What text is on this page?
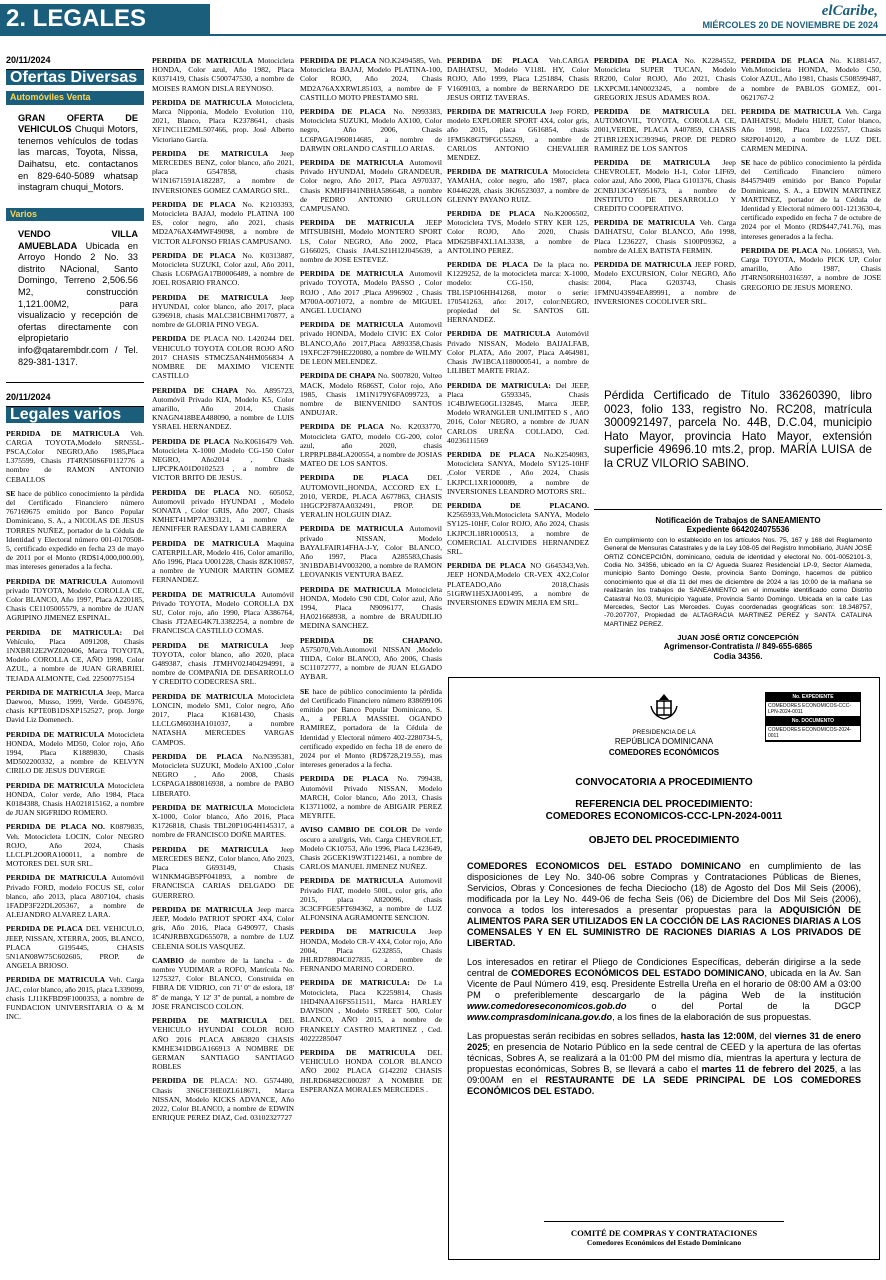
2. LEGALES	elCaribe,
MIÉRCOLES 20 DE NOVIEMBRE DE 2024
20/11/2024
Ofertas Diversas
Automóviles Venta
GRAN OFERTA DE VEHICULOS Chuqui Motors, tenemos vehículos de todas las marcas, Toyota, Nissa, Daihatsu, etc. contactanos en 829-640-5089 whatsap instagram chuqui_Motors.
Varios
VENDO VILLA AMUEBLADA Ubicada en Arroyo Hondo 2 No. 33 distrito NAcional, Santo Domingo, Terreno 2,506.56 M2, construcción 1,121.00M2, para visualizacio y recepción de ofertas directamente con elpropietario info@qatarembdr.com / Tel. 829-381-1317.
20/11/2024
Legales varios

PERDIDA DE MATRICULA Veh. CARGA TOYOTA,Modelo SRN55L-PSCA,Color NEGRO,Año 1985,Placa L375599, Chasis JT4RN50S6F0112776 a nombre de RAMON ANTONIO CEBALLOS

SE hace de público conocimiento la pérdida del Certificado Financiero número 767169675 emitido por Banco Popular Dominicano, S. A., a NICOLAS DE JESUS TORRES NUÑEZ, portador de la Cédula de Identidad y Electoral número 001-0170508-5, certificado expedido en fecha 23 de mayo de 2011 por el Monto (RD$14,000,000.00), mas intereses generados a la fecha.

PERDIDA DE MATRICULA Automovil privado TOYOTA, Modelo COROLLA CE, Color BLANCO, Año 1997, Placa A220185, Chasis CE1105005579, a nombre de JUAN AGRIPINO JIMENEZ ESPINAL.

PERDIDA DE MATRICULA: Del Vehículo, Placa A091208, Chasis 1NXBR12E2WZ020406, Marca TOYOTA, Modelo COROLLA CE, AÑO 1998, Color AZUL, a nombre de JUAN GRABRIEL TEJADA ALMONTE, Ced. 22500775154

PERDIDA DE MATRICULA Jeep, Marca Daewoo, Musso, 1999, Verde. G045976, chasis KPTE0B1DSXP152527, prop. Jorge David Liz Domenech.

PERDIDA DE MATRICULA Motocicleta HONDA, Modelo MD50, Color rojo, Año 1994, Placa K1889830, Chasis MD502200332, a nombre de KELVYN CIRILO DE JESUS DUVERGE

PERDIDA DE MATRICULA Motocicleta HONDA, Color verde, Año 1984, Placa K0184388, Chasis HA021815162, a nombre de JUAN SIGFRIDO ROMERO.

PERDIDA DE PLACA NO. K0879835, Veh. Motocicleta LOCIN, Color NEGRO ROJO, Año 2024, Chasis LLCLPL2O0RA100011, a nombre de MOTORES DEL SUR SRL.

PERDIDA DE MATRICULA Automóvil Privado FORD, modelo FOCUS SE, color blanco, año 2013, placa A807104, chasis 1FADP3F22DL205367, a nombre de ALEJANDRO ALVAREZ LARA.

PERDIDA DE PLACA DEL VEHICULO, JEEP, NISSAN, XTERRA, 2005, BLANCO, PLACA G195445, CHASIS 5N1AN08W75C602605, PROP. de ANGELA BRIOSO.

PERDIDA DE MATRICULA Veh. Carga JAC, color blanco, año 2015, placa L339099, chasis LJ11KFBD9F1000353, a nombre de FUNDACION UNIVERSITARIA O & M INC.

PERDIDA DE MATRICULA Motocicleta HONDA, Color azul, Año 1982, Placa K0371419, Chasis C500747530, a nombre de MOISES RAMON DISLA REYNOSO.

PERDIDA DE MATRICULA Motocicleta, Marca Nipponia, Modelo Evolution 110, 2021, Blanco, Placa K2378641, chasis XF1NC11E2ML507466, prop. José Alberto Victoriano García.

PERDIDA DE MATRICULA Jeep MERCEDES BENZ, color blanco, año 2021, placa G547858, chasis W1N1671591A182287, a nombre de INVERSIONES GOMEZ CAMARGO SRL.

PERDIDA DE PLACA No. K2103393, Motocicleta BAJAJ, modelo PLATINA 100 ES, color negro, año 2021, chasis MD2A76AX4MWF49098, a nombre de VICTOR ALFONSO FRIAS CAMPUSANO.

PERDIDA DE PLACA No. K0313887, Motocicleta SUZUKI, Color azul, Año 2011, Chasis LC6PAGA17B0006489, a nombre de JOEL ROSARIO FRANCO.

PERDIDA DE MATRICULA Jeep HYUNDAI, color blanco, año 2017, placa G396918, chasis MALC381CBHM170877, a nombre de GLORIA PINO VEGA.

PERDIDA DE PLACA NO. L420244 DEL VEHICULO TOYOTA COLOR ROJO AÑO 2017 CHASIS STMCZ5AN4HM056834 A NOMBRE DE MAXIMO VICENTE CASTILLO

PERDIDA DE CHAPA No. A895723, Automóvil Privado KIA, Modelo K5, Color amarillo, Año 2014, Chasis KNAGN418BEA488090, a nombre de LUIS YSRAEL HERNANDEZ.

PERDIDA DE PLACA No.K0616479 Veh. Motocicleta X-1000 ,Modelo CG-150 Color NEGRO, Año2014 , Chasis LJPCPKA01D0102523 , a nombre de VICTOR BRITO DE JESUS.

PERDIDA DE PLACA NO. 605052, Automovil privado HYUNDAI , Modelo SONATA , Color GRIS, Año 2007, Chasis KMHET41MP7A393121, a nombre de JENNIFFER RAESDAY LAMI CABRERA

PERDIDA DE MATRICULA Maquina CATERPILLAR, Modelo 416, Color amarillo, Año 1996, Placa U001228, Chasis 8ZK10857, a nombre de YUNIOR MARTIN GOMEZ FERNANDEZ.

PERDIDA DE MATRICULA Automóvil Privado TOYOTA, Modelo COROLLA DX SU, Color rojo, año 1990, Placa A386764, Chasis JT2AEG4K7L3382254, a nombre de FRANCISCA CASTILLO COMAS.

PERDIDA DE MATRICULA Jeep TOYOTA, color blanco, año 2020, placa G489387, chasis JTMHV02J404294991, a nombre de COMPAÑIA DE DESARROLLO Y CREDITO CODECRESA SRL.

PERDIDA DE MATRICULA Motocicleta LONCIN, modelo SM1, Color negro, Año 2017, Placa K1681430, Chasis LLCLGM603HA101037, a nombre NATASHA MERCEDES VARGAS CAMPOS.

PERDIDA DE PLACA No.N395381, Motocicleta SUZUKI, Modelo AX100 ,Color NEGRO , Año 2008, Chasis LC6PAGA1880816938, a nombre de PABO LIBERATO.

PERDIDA DE MATRICULA Motocicleta X-1000, Color blanco, Año 2016, Placa K1726818, Chasis TBL20P10G4H145317, a nombre de FRANCISCO DOÑE MARTES.

PERDIDA DE MATRICULA Jeep MERCEDES BENZ, Color blanco, Año 2023, Placa G693149, Chasis W1NKM4GB5PF041893, a nombre de FRANCISCA CARIAS DELGADO DE GUERRERO.

PERDIDA DE MATRICULA Jeep marca JEEP, Modelo PATRIOT SPORT 4X4, Color gris, Año 2016, Placa G490977, Chasis 1C4NJRBBXGD655078, a nombre de LUZ CELENIA SOLIS VASQUEZ.

CAMBIO de nombre de la lancha - de nombre YUDIMAR a ROFO, Matrícula No. 1275327, Color BLANCO, Construida en FIBRA DE VIDRIO, con 71' 0'' de eslora, 18' 8'' de manga, Y 12' 3'' de puntal, a nombre de JOSE FRANCISCO COLON.

PERDIDA DE MATRICULA DEL VEHICULO HYUNDAI COLOR ROJO AÑO 2016 PLACA A863820 CHASIS KMHE341DBGA166913 A NOMBRE DE GERMAN SANTIAGO SANTIAGO ROBLES

PERDIDA DE PLACA: NO. G574480, Chasis 3N6CF3HE0ZL618671, Marca NISSAN, Modelo KICKS ADVANCE, Año 2022, Color BLANCO, a nombre de EDWIN ENRIQUE PEREZ DIAZ, Ced. 03102327727

PERDIDA DE PLACA NO.K2494585, Veh. Motocicleta BAJAJ, Modelo PLATINA-100, Color ROJO, Año 2024, Chasis MD2A76AXXRWL85103, a nombre de F CASTILLO MOTO PRESTAMO SRL

PERDIDA DE PLACA No. N993383, Motocicleta SUZUKI, Modelo AX100, Color negro, Año 2006, Chasis LC6PAGA1960814685, a nombre de DARWIN ORLANDO CASTILLO ARIAS.

PERDIDA DE MATRICULA Automovil Privado HYUNDAI, Modelo GRANDEUR, Color negro, Año 2017, Placa A970337, Chasis KMHFH41NBHA586648, a nombre de PEDRO ANTONIO GRULLON CAMPUSANO.

PERDIDA DE MATRICULA JEEP MITSUBISHI, Modelo MONTERO SPORT LS, Color NEGRO, Año 2002, Placa G166025, Chasis JA4LS21H12J045639, a nombre de JOSE ESTEVEZ.

PERDIDA DE MATRICULA Automovil privado TOYOTA, Modelo PASSO , Color ROJO , Año 2017 ,Placa A996902 , Chasis M700A-0071072, a nombre de MIGUEL ANGEL LUCIANO

PERDIDA DE MATRICULA Automovil privado HONDA, Modelo CIVIC EX Color BLANCO,Año 2017,Placa A893358,Chasis 19XFC2F79HE220080, a nombre de WILMY DE LEON MELENDEZ.

PERDIDA DE CHAPA No. S007820, Volteo MACK, Modelo R686ST, Color rojo, Año 1985, Chasis 1M1N179Y6FA099723, a nombre de BIENVENIDO SANTOS ANDUJAR.

PERDIDA DE PLACA No. K2033770, Motocicleta GATO, modelo CG-200, color azul, año 2020, chasis LRPRPLB84LA200554, a nombre de JOSIAS MATEO DE LOS SANTOS.

PERDIDA DE PLACA DEL AUTOMOVIL,HONDA, ACCORD EX L, 2010, VERDE, PLACA A677863, CHASIS 1HGCP2F87AA032491, PROP. DE YERALIN HOLGUIN DIAZ.

PERDIDA DE MATRICULA Automovil privado NISSAN, Modelo BAYALFAIR14FHA-J-Y, Color BLANCO, Año 1997, Placa A285583,Chasis 3N1BDAB14V003200, a nombre de RAMON LEOVANKIS VENTURA BAEZ.

PERDIDA DE MATRICULA Motocicleta HONDA, Modelo C90 CDI, Color azul, Año 1994, Placa N9096177, Chasis HA021668938, a nombre de BRAUDILIO MEDINA SANCHEZ.

PERDIDA DE CHAPANO. A575070,Veh.Automovil NISSAN ,Modelo TIIDA, Color BLANCO, Año 2006, Chasis SC11072777, a nombre de JUAN ELGADO AYBAR.

SE hace de público conocimiento la pérdida del Certificado Financiero número 838699106 emitido por Banco Popular Dominicano, S. A., a PERLA MASSIEL OGANDO RAMIREZ, portadora de la Cédula de Identidad y Electoral número 402-2280734-5, certificado expedido en fecha 18 de enero de 2024 por el Monto (RD$728,219.55), mas intereses generados a la fecha.

PERDIDA DE PLACA No. 799438, Automóvil Privado NISSAN, Modelo MARCH, Color blanco, Año 2013, Chasis K13711002, a nombre de ABIGAIR PEREZ MEYRITE.

AVISO CAMBIO DE COLOR De verde oscuro a azul/gris, Veh. Carga CHEVROLET, Modelo CK10753, Año 1996, Placa L423649, Chasis 2GCEK19W3T1221461, a nombre de CARLOS MANUEL JIMENEZ NUÑEZ.

PERDIDA DE MATRICULA Automovil Privado FIAT, modelo 500L, color gris, año 2015, placa A820096, chasis 3C3CFFGE5FT694362, a nombre de LUZ ALFONSINA AGRAMONTE SENCION.

PERDIDA DE MATRICULA Jeep HONDA, Modelo CR-V 4X4, Color rojo, Año 2004, Placa G232855, Chasis JHLRD78804C027835, a nombre de FERNANDO MARINO CORDERO.

PERDIDA DE MATRICULA: De La Motocicleta, Placa K2259814, Chasis 1HD4NAA16FS511511, Marca HARLEY DAVISON , Modelo STREET 500, Color BLANCO, AÑO 2015, a nombre de FRANKELY CASTRO MARTINEZ , Ced. 40222285047

PERDIDA DE MATRICULA DEL VEHICULO HONDA COLOR BLANCO AÑO 2002 PLACA G142202 CHASIS JHLRD68482C000287 A NOMBRE DE ESPERANZA MORALES MERCEDES .

PERDIDA DE PLACA Veh.CARGA DAIHATSU, Modelo V118L HY, Color ROJO, Año 1999, Placa L251884, Chasis V1609103, a nombre de BERNARDO DE JESUS ORTIZ TAVERAS.

PERDIDA DE MATRICULA Jeep FORD, modelo EXPLORER SPORT 4X4, color gris, año 2015, placa G616854, chasis 1FM5K8GT9FGC55269, a nombre de CARLOS ANTONIO CHEVALIER MENDEZ.

PERDIDA DE MATRICULA Motocicleta YAMAHA, color negro, año 1987, placa K0446228, chasis 3KJ6523037, a nombre de GLENNY PAYANO RUIZ.

PERDIDA DE PLACA No.K2006502, Motocicleta TVS, Modelo STRY KER 125, Color ROJO, Año 2020, Chasis MD625BF4XL1AL3338, a nombre de ANTOLINO PEREZ.

PERDIDA DE PLACA De la placa no. K1229252, de la motocicleta marca: X-1000, modelo: CG-150, chasis: TBL15P106HH41268, motor o serie: 170541263, año: 2017, color:NEGRO, propiedad del Sr. SANTOS GIL HERNANDEZ.

PERDIDA DE MATRICULA Automóvil Privado NISSAN, Modelo BAIJALFAB, Color PLATA, Año 2007, Placa A464981, Chasis JW1BCA1180000541, a nombre de LILIBET MARTE FRIAZ.

PERDIDA DE MATRICULA: Del JEEP, Placa G593345, Chasis 1C4BJWEG0GL132845, Marca JEEP, Modelo WRANGLER UNLIMITED S , AñO 2016, Color NEGRO, a nombre de JUAN CARLOS UREÑA COLLADO, Ced. 40236111569

PERDIDA DE PLACA No.K2540983, Motocicleta SANYA, Modelo SY125-10HF ,Color VERDE , Año 2024, Chasis LKJPCL1XR1000089, a nombre de INVERSIONES LEANDRO MOTORS SRL.

PERDIDA DE PLACANO. K2565933,Veh.Motocicleta SANYA, Modelo SY125-10HF, Color ROJO, Año 2024, Chasis LKJPCJL18R1000513, a nombre de COMERCIAL ALCIVIDES HERNANDEZ SRL.

PERDIDA DE PLACA NO G645343,Veh. JEEP HONDA,Modelo CR-VEX 4X2,Color PLATEADO,Año 2018,Chasis 51GRW1H5XJA001495, a nombre de INVERSIONES EDWIN MEJIA EM SRL.

PERDIDA DE PLACA No. K2284552, Motocicleta SUPER TUCAN, Modelo RR200, Color ROJO, Año 2021, Chasis LKXPCML14N0023245, a nombre de GREGORIX JESUS ADAMES ROA.

PERDIDA DE MATRICULA DEL AUTOMOVIL, TOYOTA, COROLLA CE, 2001,VERDE, PLACA A407859, CHASIS 2T1BR12EX1C393946, PROP. DE PEDRO RAMIREZ DE LOS SANTOS

PERDIDA DE MATRICULA Jeep CHEVROLET, Modelo H-1, Color LIF69, color azul, Año 2000, Placa G101376, Chasis 2CNBJ13C4Y6951673, a nombre de INSTITUTO DE DESARROLLO Y CREDITO COOPERATIVO.

PERDIDA DE MATRICULA Veh. Carga DAIHATSU, Color BLANCO, Año 1998, Placa L236227, Chasis S100P09362, a nombre de ALEX BATISTA FERMIN.

PERDIDA DE MATRICULA JEEP FORD, Modelo EXCURSION, Color NEGRO, Año 2004, Placa G203743, Chasis 1FMNU43S94EA89991, a nombre de INVERSIONES COCOLIVER SRL.

PERDIDA DE PLACA No. K1881457, Veh.Motocicleta HONDA, Modelo C50, Color AZUL, Año 1981, Chasis C508599487, a nombre de PABLOS GOMEZ, 001-0621767-2

PERDIDA DE MATRICULA Veh. Carga DAIHATSU, Modelo HIJET, Color blanco, Año 1998, Placa L022557, Chasis S82P0140120, a nombre de LUZ DEL CARMEN MEDINA.

SE hace de público conocimiento la pérdida del Certificado Financiero número 844579409 emitido por Banco Popular Dominicano, S. A., a EDWIN MARTINEZ MARTINEZ, portador de la Cédula de Identidad y Electoral número 001-1213630-4, certificado expedido en fecha 7 de octubre de 2024 por el Monto (RD$447,741.76), mas intereses generados a la fecha.

PERDIDA DE PLACA No. L066853, Veh. Carga TOYOTA, Modelo PICK UP, Color amarillo, Año 1987, Chasis JT4RN50R6H0316597, a nombre de JOSE GREGORIO DE JESUS MORENO.

Pérdida Certificado de Título 336260390, libro 0023, folio 133, registro No. RC208, matrícula 3000921497, parcela No. 44B, D.C.04, municipio Hato Mayor, provincia Hato Mayor, extensión superficie 49696.10 mts.2, prop. MARÍA LUISA de la CRUZ VILORIO SABINO.
Notificación de Trabajos de SANEAMIENTO
Expediente 6642024075536
En cumplimiento con lo establecido en los artículos Nos. 75, 167 y 168 del Reglamento General de Mensuras Catastrales y de la Ley 108-05 del Registro Inmobiliario, JUAN JOSÉ ORTIZ CONCEPCIÓN, dominicano, cedula de identidad y electoral No. 001-0052101-3, Codia No. 34356, ubicado en la C/ Agueda Suarez Residencial LP-9, Sector Alameda, municipio Santo Domingo Oeste, provincia Santo Domingo, hacemos de público conocimiento que el día 11 del mes de diciembre de 2024 a las 10:00 de la mañana se realizarán los trabajos de SANEAMIENTO en el inmueble identificado como Distrito Catastral No.03, Municipio Yaguate, Provincia Santo Domingo. Ubicada en la calle Las Mercedes, Sector Las Mercedes. Cuyas coordenadas geográficas son: 18.348757, -70.207707, Propiedad de ALTAGRACIA MARTINEZ PEREZ y SANTA CATALINA MARTINEZ PEREZ.
JUAN JOSÉ ORTIZ CONCEPCIÓN
Agrimensor-Contratista // 849-655-6865
Codia 34356.
No. EXPEDIENTE
COMEDORES ECONOMICOS-CCC-LPN-2024-0011
No. DOCUMENTO
COMEDORES ECONOMICOS-2024-0011
PRESIDENCIA DE LA
REPÚBLICA DOMINICANA
COMEDORES ECONÓMICOS
CONVOCATORIA A PROCEDIMIENTO
REFERENCIA DEL PROCEDIMIENTO:
COMEDORES ECONOMICOS-CCC-LPN-2024-0011
OBJETO DEL PROCEDIMIENTO
COMEDORES ECONOMICOS DEL ESTADO DOMINICANO en cumplimiento de las disposiciones de Ley No. 340-06 sobre Compras y Contrataciones Públicas de Bienes, Servicios, Obras y Concesiones de fecha Dieciocho (18) de Agosto del Dos Mil Seis (2006), modificada por la Ley No. 449-06 de fecha Seis (06) de Diciembre del Dos Mil Seis (2006), convoca a todos los interesados a presentar propuestas para la ADQUISICIÓN DE ALIMENTOS PARA SER UTILIZADOS EN LA COCCIÓN DE LAS RACIONES DIARIAS A LOS COMENSALES Y EN EL SUMINISTRO DE RACIONES DIARIAS A LOS PRIVADOS DE LIBERTAD.
Los interesados en retirar el Pliego de Condiciones Específicas, deberán dirigirse a la sede central de COMEDORES ECONÓMICOS DEL ESTADO DOMINICANO, ubicada en la Av. San Vicente de Paul Número 419, esq. Presidente Estrella Ureña en el horario de 08:00 AM a 03:00 PM o preferiblemente descargarlo de la página Web de la institución www.comedoreseconomicos.gob.do o del Portal de la DGCP www.comprasdominicana.gov.do, a los fines de la elaboración de sus propuestas.
Las propuestas serán recibidas en sobres sellados, hasta las 12:00M, del viernes 31 de enero 2025; en presencia de Notario Público en la sede central de CEED y la apertura de las ofertas técnicas, Sobres A, se realizará a la 01:00 PM del mismo día, mientras la apertura y lectura de propuestas económicas, Sobres B, se llevará a cabo el martes 11 de febrero del 2025, a las 09:00AM en el RESTAURANTE DE LA SEDE PRINCIPAL DE LOS COMEDORES ECONÓMICOS DEL ESTADO.
COMITÉ DE COMPRAS Y CONTRATACIONES
Comedores Económicos del Estado Dominicano
